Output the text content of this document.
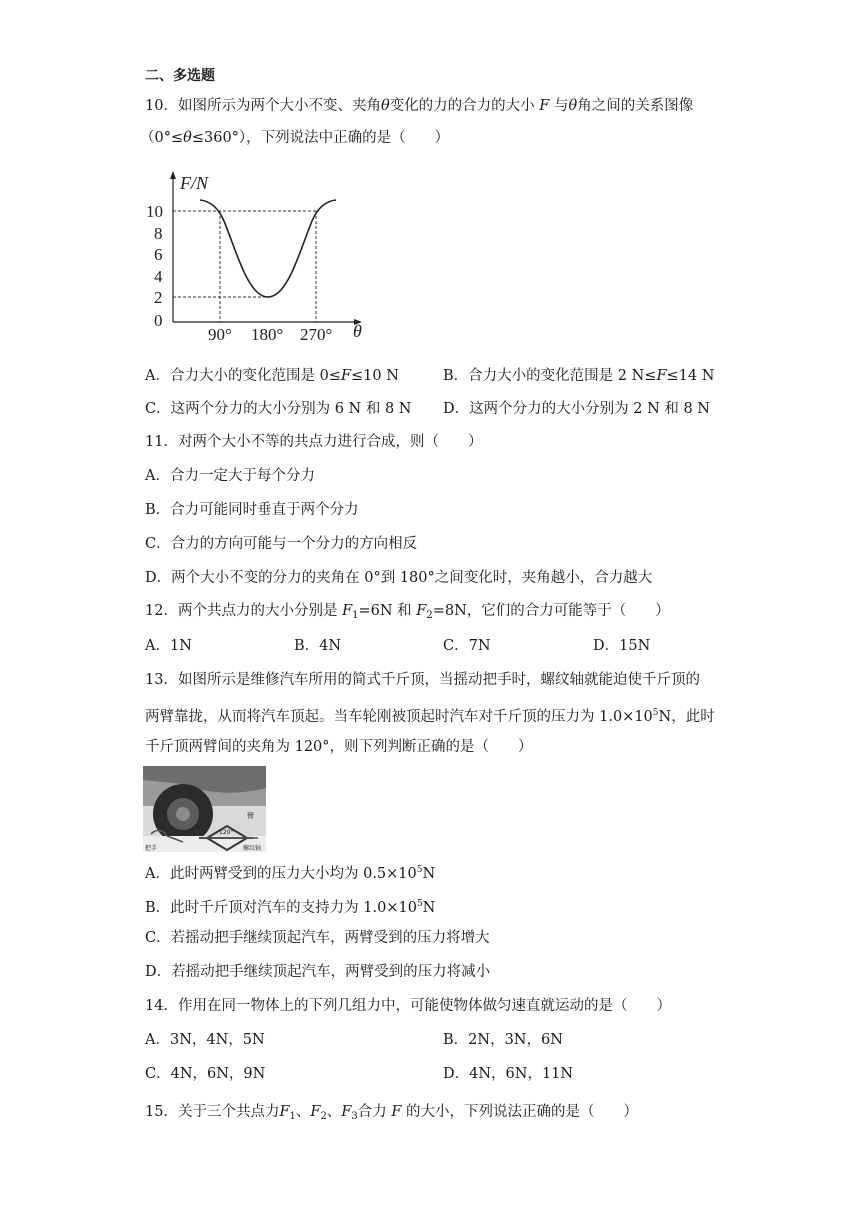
二、多选题
10．如图所示为两个大小不变、夹角θ变化的力的合力的大小 F 与θ角之间的关系图像
（0°≤θ≤360°），下列说法中正确的是（　　）
F/N
θ
10
8
6
4
2
0
90° 180° 270°
A．合力大小的变化范围是 0≤F≤10 N	B．合力大小的变化范围是 2 N≤F≤14 N
C．这两个分力的大小分别为 6 N 和 8 N D．这两个分力的大小分别为 2 N 和 8 N
11．对两个大小不等的共点力进行合成，则（　　）
A．合力一定大于每个分力
B．合力可能同时垂直于两个分力
C．合力的方向可能与一个分力的方向相反
D．两个大小不变的分力的夹角在 0°到 180°之间变化时，夹角越小，合力越大
12．两个共点力的大小分别是 $F_1=6N$ 和 $F_2=8N$，它们的合力可能等于（　　）
A．1N	B．4N	C．7N	D．15N
13．如图所示是维修汽车所用的简式千斤顶，当摇动把手时，螺纹轴就能迫使千斤顶的
两臂靠拢，从而将汽车顶起。当车轮刚被顶起时汽车对千斤顶的压力为 $1.0\times 10^5N$，此时
千斤顶两臂间的夹角为 120°，则下列判断正确的是（　　）
臂
120°
把手	螺纹轴
A．此时两臂受到的压力大小均为 $0.5\times 10^5N$
B．此时千斤顶对汽车的支持力为 $1.0\times 10^5N$
C．若摇动把手继续顶起汽车，两臂受到的压力将增大
D．若摇动把手继续顶起汽车，两臂受到的压力将减小
14．作用在同一物体上的下列几组力中，可能使物体做匀速直就运动的是（　　）
A．3N，4N，5N	B．2N，3N，6N
C．4N，6N，9N	D．4N，6N，11N
15．关于三个共点力$F_1$、$F_2$、$F_3$合力 F 的大小，下列说法正确的是（　　）
